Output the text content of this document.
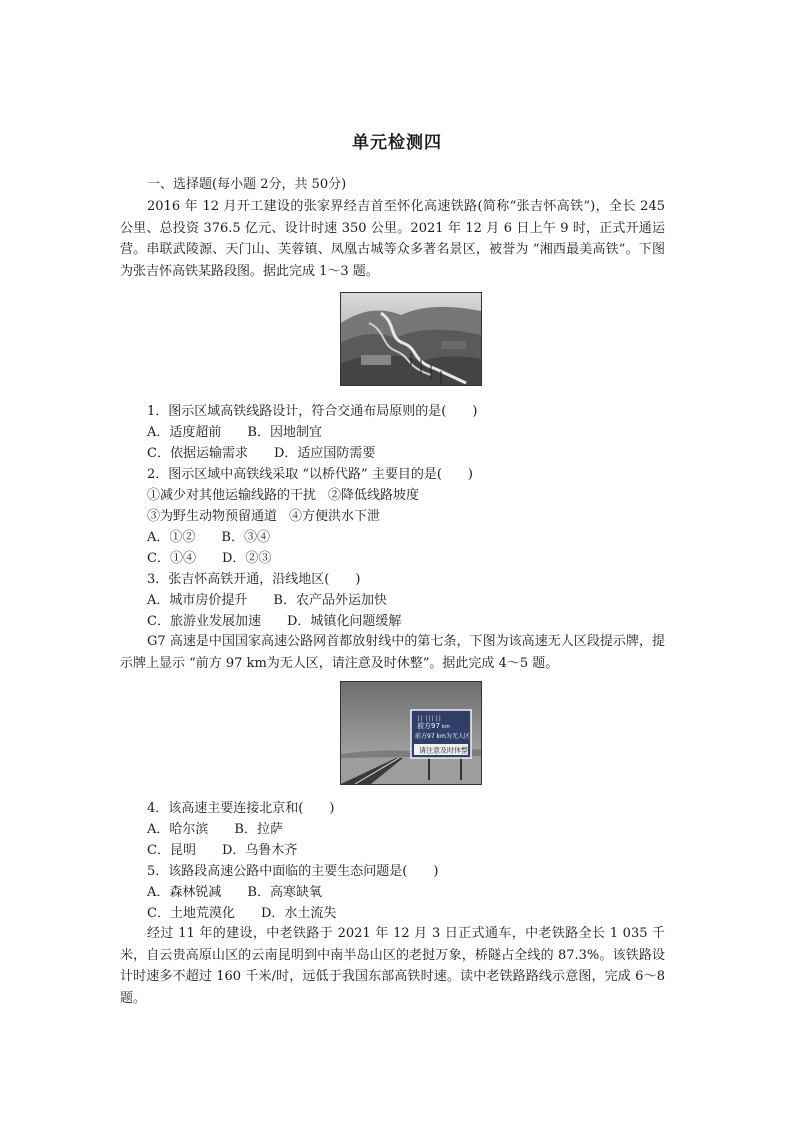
单元检测四
一、选择题(每小题 2分，共 50分)
2016 年 12 月开工建设的张家界经吉首至怀化高速铁路(简称“张吉怀高铁”)，全长 245 公里、总投资 376.5 亿元、设计时速 350 公里。2021 年 12 月 6 日上午 9 时，正式开通运营。串联武陵源、天门山、芙蓉镇、凤凰古城等众多著名景区，被誉为 “湘西最美高铁”。下图为张吉怀高铁某路段图。据此完成 1～3 题。
1．图示区域高铁线路设计，符合交通布局原则的是(　　)
A．适度超前 B．因地制宜
C．依据运输需求 D．适应国防需要
2．图示区域中高铁线采取 “以桥代路” 主要目的是(　　)
①减少对其他运输线路的干扰 ②降低线路坡度
③为野生动物预留通道 ④方便洪水下泄
A．①② B．③④
C．①④ D．②③
3．张吉怀高铁开通，沿线地区(　　)
A．城市房价提升 B．农产品外运加快
C．旅游业发展加速 D．城镇化问题缓解
G7 高速是中国国家高速公路网首都放射线中的第七条，下图为该高速无人区段提示牌，提示牌上显示 “前方 97 km为无人区，请注意及时休整”。据此完成 4～5 题。
││ │││ ││
前方97 km
前方97 km为无人区
请注意及时休整
4．该高速主要连接北京和(　　)
A．哈尔滨 B．拉萨
C．昆明 D．乌鲁木齐
5．该路段高速公路中面临的主要生态问题是(　　)
A．森林锐减 B．高寒缺氧
C．土地荒漠化 D．水土流失
经过 11 年的建设，中老铁路于 2021 年 12 月 3 日正式通车，中老铁路全长 1 035 千米，自云贵高原山区的云南昆明到中南半岛山区的老挝万象，桥隧占全线的 87.3%。该铁路设计时速多不超过 160 千米/时，远低于我国东部高铁时速。读中老铁路路线示意图，完成 6～8 题。
